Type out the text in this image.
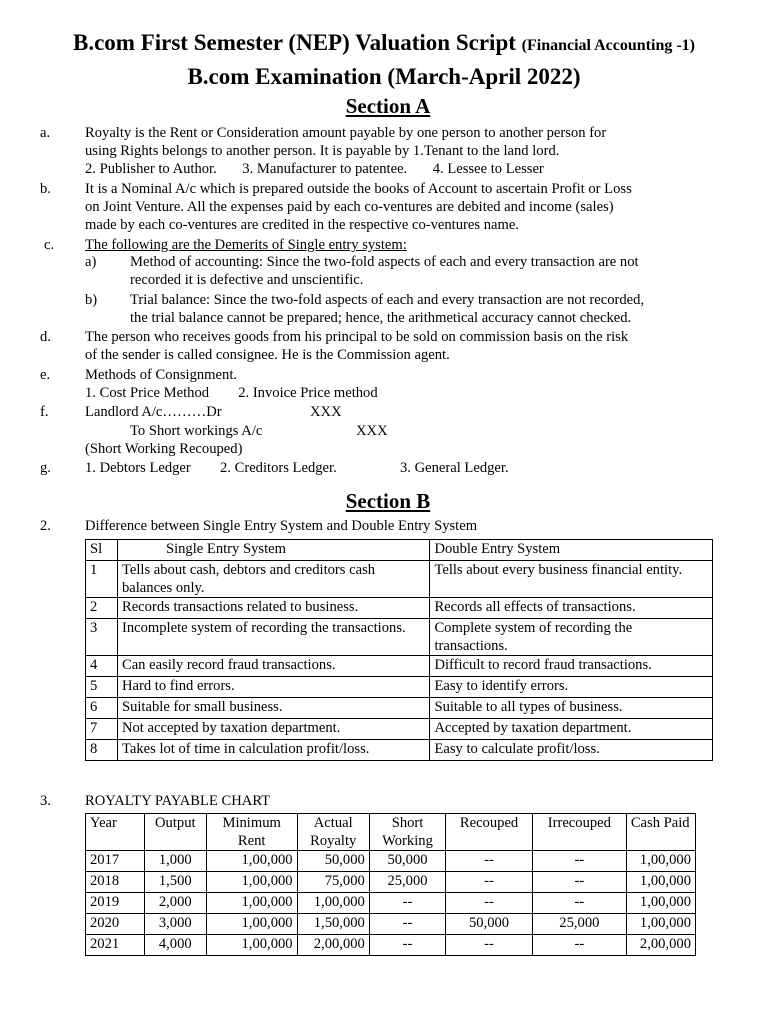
B.com First Semester (NEP) Valuation Script (Financial Accounting -1)
B.com Examination (March-April 2022)
Section A
a. Royalty is the Rent or Consideration amount payable by one person to another person for
using Rights belongs to another person. It is payable by 1.Tenant to the land lord.
2. Publisher to Author.       3. Manufacturer to patentee.       4. Lessee to Lesser
b. It is a Nominal A/c which is prepared outside the books of Account to ascertain Profit or Loss
on Joint Venture. All the expenses paid by each co-ventures are debited and income (sales)
made by each co-ventures are credited in the respective co-ventures name.
c. The following are the Demerits of Single entry system:
a) Method of accounting: Since the two-fold aspects of each and every transaction are not
recorded it is defective and unscientific.
b) Trial balance: Since the two-fold aspects of each and every transaction are not recorded,
the trial balance cannot be prepared; hence, the arithmetical accuracy cannot checked.
d. The person who receives goods from his principal to be sold on commission basis on the risk
of the sender is called consignee. He is the Commission agent.
e. Methods of Consignment.
1. Cost Price Method        2. Invoice Price method
f. Landlord A/c………Dr	XXX
To Short workings A/c	XXX
(Short Working Recouped)
g. 1. Debtors Ledger 2. Creditors Ledger.	3. General Ledger.
Section B
2. Difference between Single Entry System and Double Entry System
Sl	Single Entry System	Double Entry System
1	Tells about cash, debtors and creditors cash balances only.	Tells about every business financial entity.
2	Records transactions related to business.	Records all effects of transactions.
3	Incomplete system of recording the transactions.	Complete system of recording the transactions.
4	Can easily record fraud transactions.	Difficult to record fraud transactions.
5	Hard to find errors.	Easy to identify errors.
6	Suitable for small business.	Suitable to all types of business.
7	Not accepted by taxation department.	Accepted by taxation department.
8	Takes lot of time in calculation profit/loss.	Easy to calculate profit/loss.
3. ROYALTY PAYABLE CHART
Year	Output	Minimum Rent	Actual Royalty	Short Working	Recouped	Irrecouped	Cash Paid
2017	1,000	1,00,000	50,000	50,000	--	--	1,00,000
2018	1,500	1,00,000	75,000	25,000	--	--	1,00,000
2019	2,000	1,00,000	1,00,000	--	--	--	1,00,000
2020	3,000	1,00,000	1,50,000	--	50,000	25,000	1,00,000
2021	4,000	1,00,000	2,00,000	--	--	--	2,00,000
